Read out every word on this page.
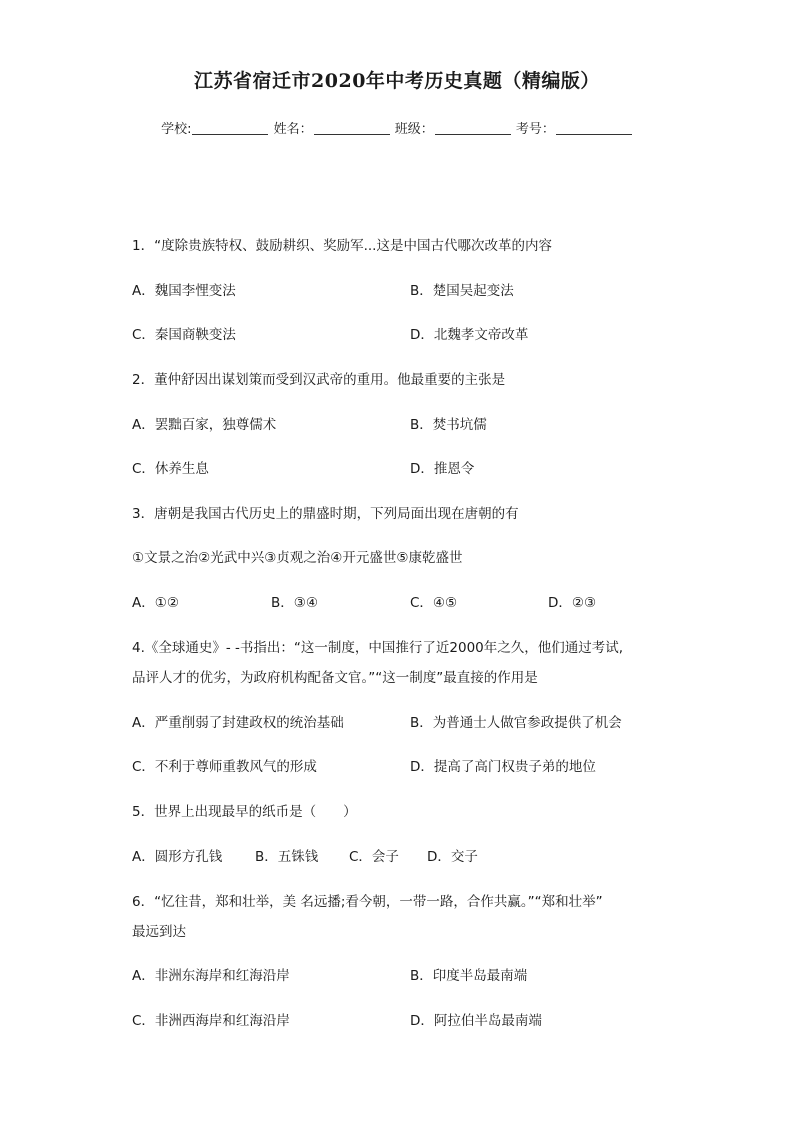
江苏省宿迁市2020年中考历史真题（精编版）
学校:	姓名：	班级：	考号：
1．“度除贵族特权、鼓励耕织、奖励军...这是中国古代哪次改革的内容
A．魏国李悝变法	B．楚国吴起变法
C．秦国商鞅变法	D．北魏孝文帝改革
2．董仲舒因出谋划策而受到汉武帝的重用。他最重要的主张是
A．罢黜百家，独尊儒术	B．焚书坑儒
C．休养生息	D．推恩令
3．唐朝是我国古代历史上的鼎盛时期，下列局面出现在唐朝的有
①文景之治②光武中兴③贞观之治④开元盛世⑤康乾盛世
A．①②	B．③④	C．④⑤	D．②③
4.《全球通史》- -书指出：“这一制度，中国推行了近2000年之久，他们通过考试,
品评人才的优劣，为政府机构配备文官。”“这一制度”最直接的作用是
A．严重削弱了封建政权的统治基础	B．为普通士人做官参政提供了机会
C．不利于尊师重教风气的形成	D．提高了高门权贵子弟的地位
5．世界上出现最早的纸币是（　　）
A．圆形方孔钱 B．五铢钱 C．会子 D．交子
6．“忆往昔，郑和壮举，美 名远播;看今朝，一带一路，合作共赢。”“郑和壮举”
最远到达
A．非洲东海岸和红海沿岸	B．印度半岛最南端
C．非洲西海岸和红海沿岸	D．阿拉伯半岛最南端
